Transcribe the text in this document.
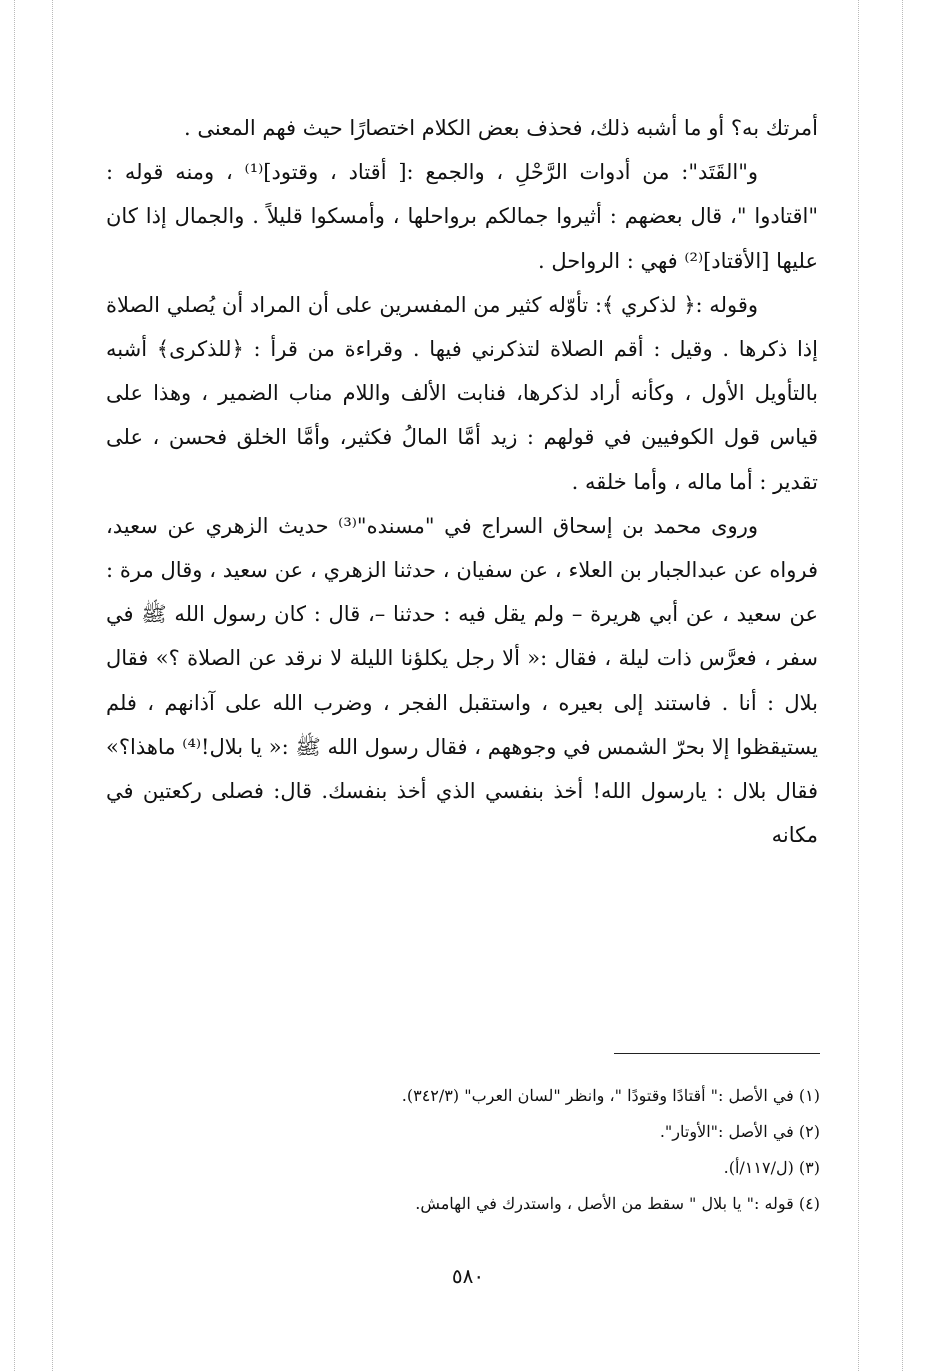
أمرتك به؟ أو ما أشبه ذلك، فحذف بعض الكلام اختصارًا حيث فهم المعنى .

و"القَتَد": من أدوات الرَّحْلِ ، والجمع :[ أقتاد ، وقتود]⁽¹⁾ ، ومنه قوله : "اقتادوا "، قال بعضهم : أثيروا جمالكم برواحلها ، وأمسكوا قليلاً . والجمال إذا كان عليها [الأقتاد]⁽²⁾ فهي : الرواحل .

وقوله :﴿ لذكري ﴾: تأوّله كثير من المفسرين على أن المراد أن يُصلي الصلاة إذا ذكرها . وقيل : أقم الصلاة لتذكرني فيها . وقراءة من قرأ : ﴿للذكرى﴾ أشبه بالتأويل الأول ، وكأنه أراد لذكرها، فنابت الألف واللام مناب الضمير ، وهذا على قياس قول الكوفيين في قولهم : زيد أمَّا المالُ فكثير، وأمَّا الخلق فحسن ، على تقدير : أما ماله ، وأما خلقه .

وروى محمد بن إسحاق السراج في "مسنده"⁽³⁾ حديث الزهري عن سعيد، فرواه عن عبدالجبار بن العلاء ، عن سفيان ، حدثنا الزهري ، عن سعيد ، وقال مرة : عن سعيد ، عن أبي هريرة – ولم يقل فيه : حدثنا –، قال : كان رسول الله ﷺ في سفر ، فعرَّس ذات ليلة ، فقال :« ألا رجل يكلؤنا الليلة لا نرقد عن الصلاة ؟» فقال بلال : أنا . فاستند إلى بعيره ، واستقبل الفجر ، وضرب الله على آذانهم ، فلم يستيقظوا إلا بحرّ الشمس في وجوههم ، فقال رسول الله ﷺ :« يا بلال!⁽⁴⁾ ماهذا؟» فقال بلال : يارسول الله! أخذ بنفسي الذي أخذ بنفسك. قال: فصلى ركعتين في مكانه

(١) في الأصل :" أقتادًا وقتودًا "، وانظر "لسان العرب" (٣٤٢/٣).
(٢) في الأصل :"الأوتار".
(٣) (ل/١١٧/أ).
(٤) قوله :" يا بلال " سقط من الأصل ، واستدرك في الهامش.
٥٨٠
